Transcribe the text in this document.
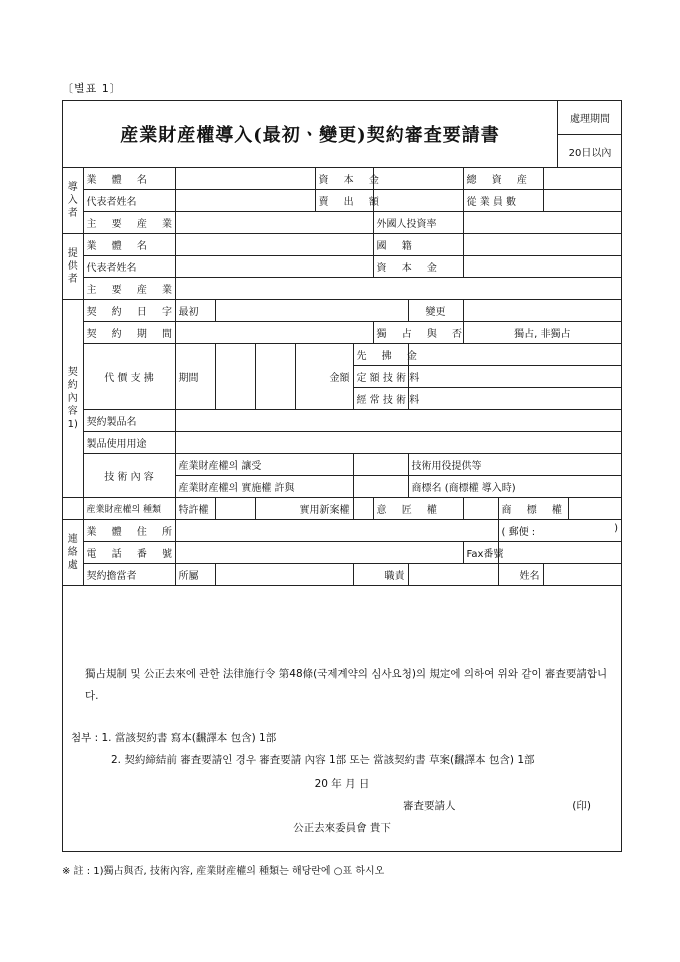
〔별표 1〕
産業財産權導入(最初ㆍ變更)契約審査要請書
處理期間
20日以內
導入者	業 體 名					資 本 金				總 資 産			
	代表者姓名					賣 出 額				從 業 員 數			
	主 要 産 業							外國人投資率					
提供者	業 體 名							國 籍					
	代表者姓名							資 本 金					
	主 要 産 業												
契約內容1)	契 約 日 字	最初							變更				
	契 約 期 間							獨 占 與 否		獨占, 非獨占			
	代 價 支 拂	期間			金額		先 拂 金						
							定 額 技 術 料						
							經 常 技 術 料						
	契約製品名												
	製品使用用途												
	技 術 內 容	産業財産權의 讓受							技術用役提供等				
		産業財産權의 實施權 許與							商標名 (商標權 導入時)				
	産業財産權의 種類	特許權		實用新案權				意 匠 權			商 標 權		
連絡處	業 體 住 所										( 郵便 : )		

	電 話 番 號									Fax番號			
	契約擔當者	所屬					職責				姓名		
獨占規制 및 公正去來에 관한 法律施行令 第48條(국제계약의 심사요청)의 規定에 의하여 위와 같이 審査要請합니다.
첨부 : 1. 當該契約書 寫本(飜譯本 包含) 1部
2. 契約締結前 審査要請인 경우 審査要請 內容 1部 또는 當該契約書 草案(飜譯本 包含) 1部
20 年 月 日
審査要請人	(印)
公正去來委員會 貴下
※ 註 : 1)獨占與否, 技術內容, 産業財産權의 種類는 해당란에 ○표 하시오
